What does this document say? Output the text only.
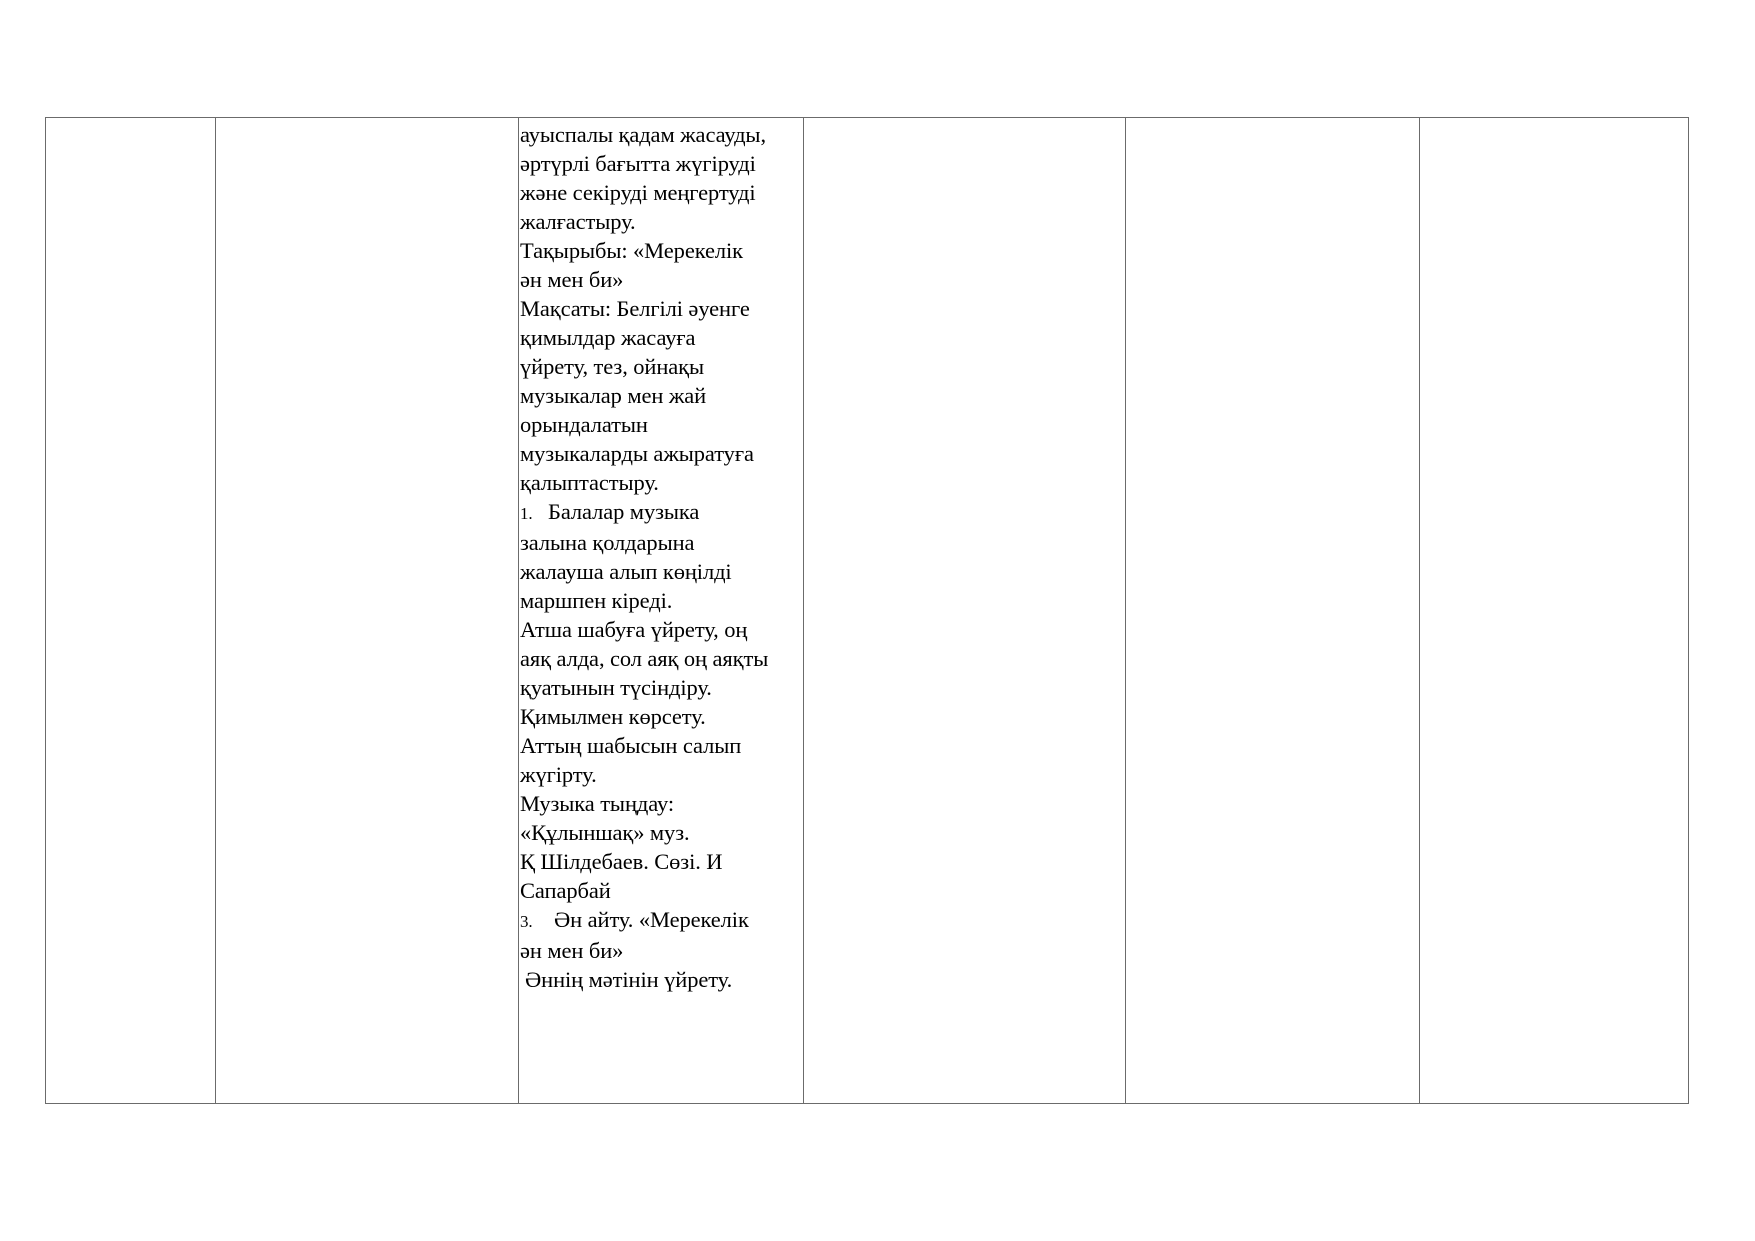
ауыспалы қадам жасауды,
әртүрлі бағытта жүгіруді
және секіруді меңгертуді
жалғастыру.
Тақырыбы: «Мерекелік
ән мен би»
Мақсаты: Белгілі әуенге
қимылдар жасауға
үйрету, тез, ойнақы
музыкалар мен жай
орындалатын
музыкаларды ажыратуға
қалыптастыру.
1. Балалар музыка
залына қолдарына
жалауша алып көңілді
маршпен кіреді.
Атша шабуға үйрету, оң
аяқ алда, сол аяқ оң аяқты
қуатынын түсіндіру.
Қимылмен көрсету.
Аттың шабысын салып
жүгірту.
Музыка тыңдау:
«Құлыншақ» муз.
Қ Шілдебаев. Сөзі. И
Сапарбай
3. Ән айту. «Мерекелік
ән мен би»
Әннің мәтінін үйрету.
